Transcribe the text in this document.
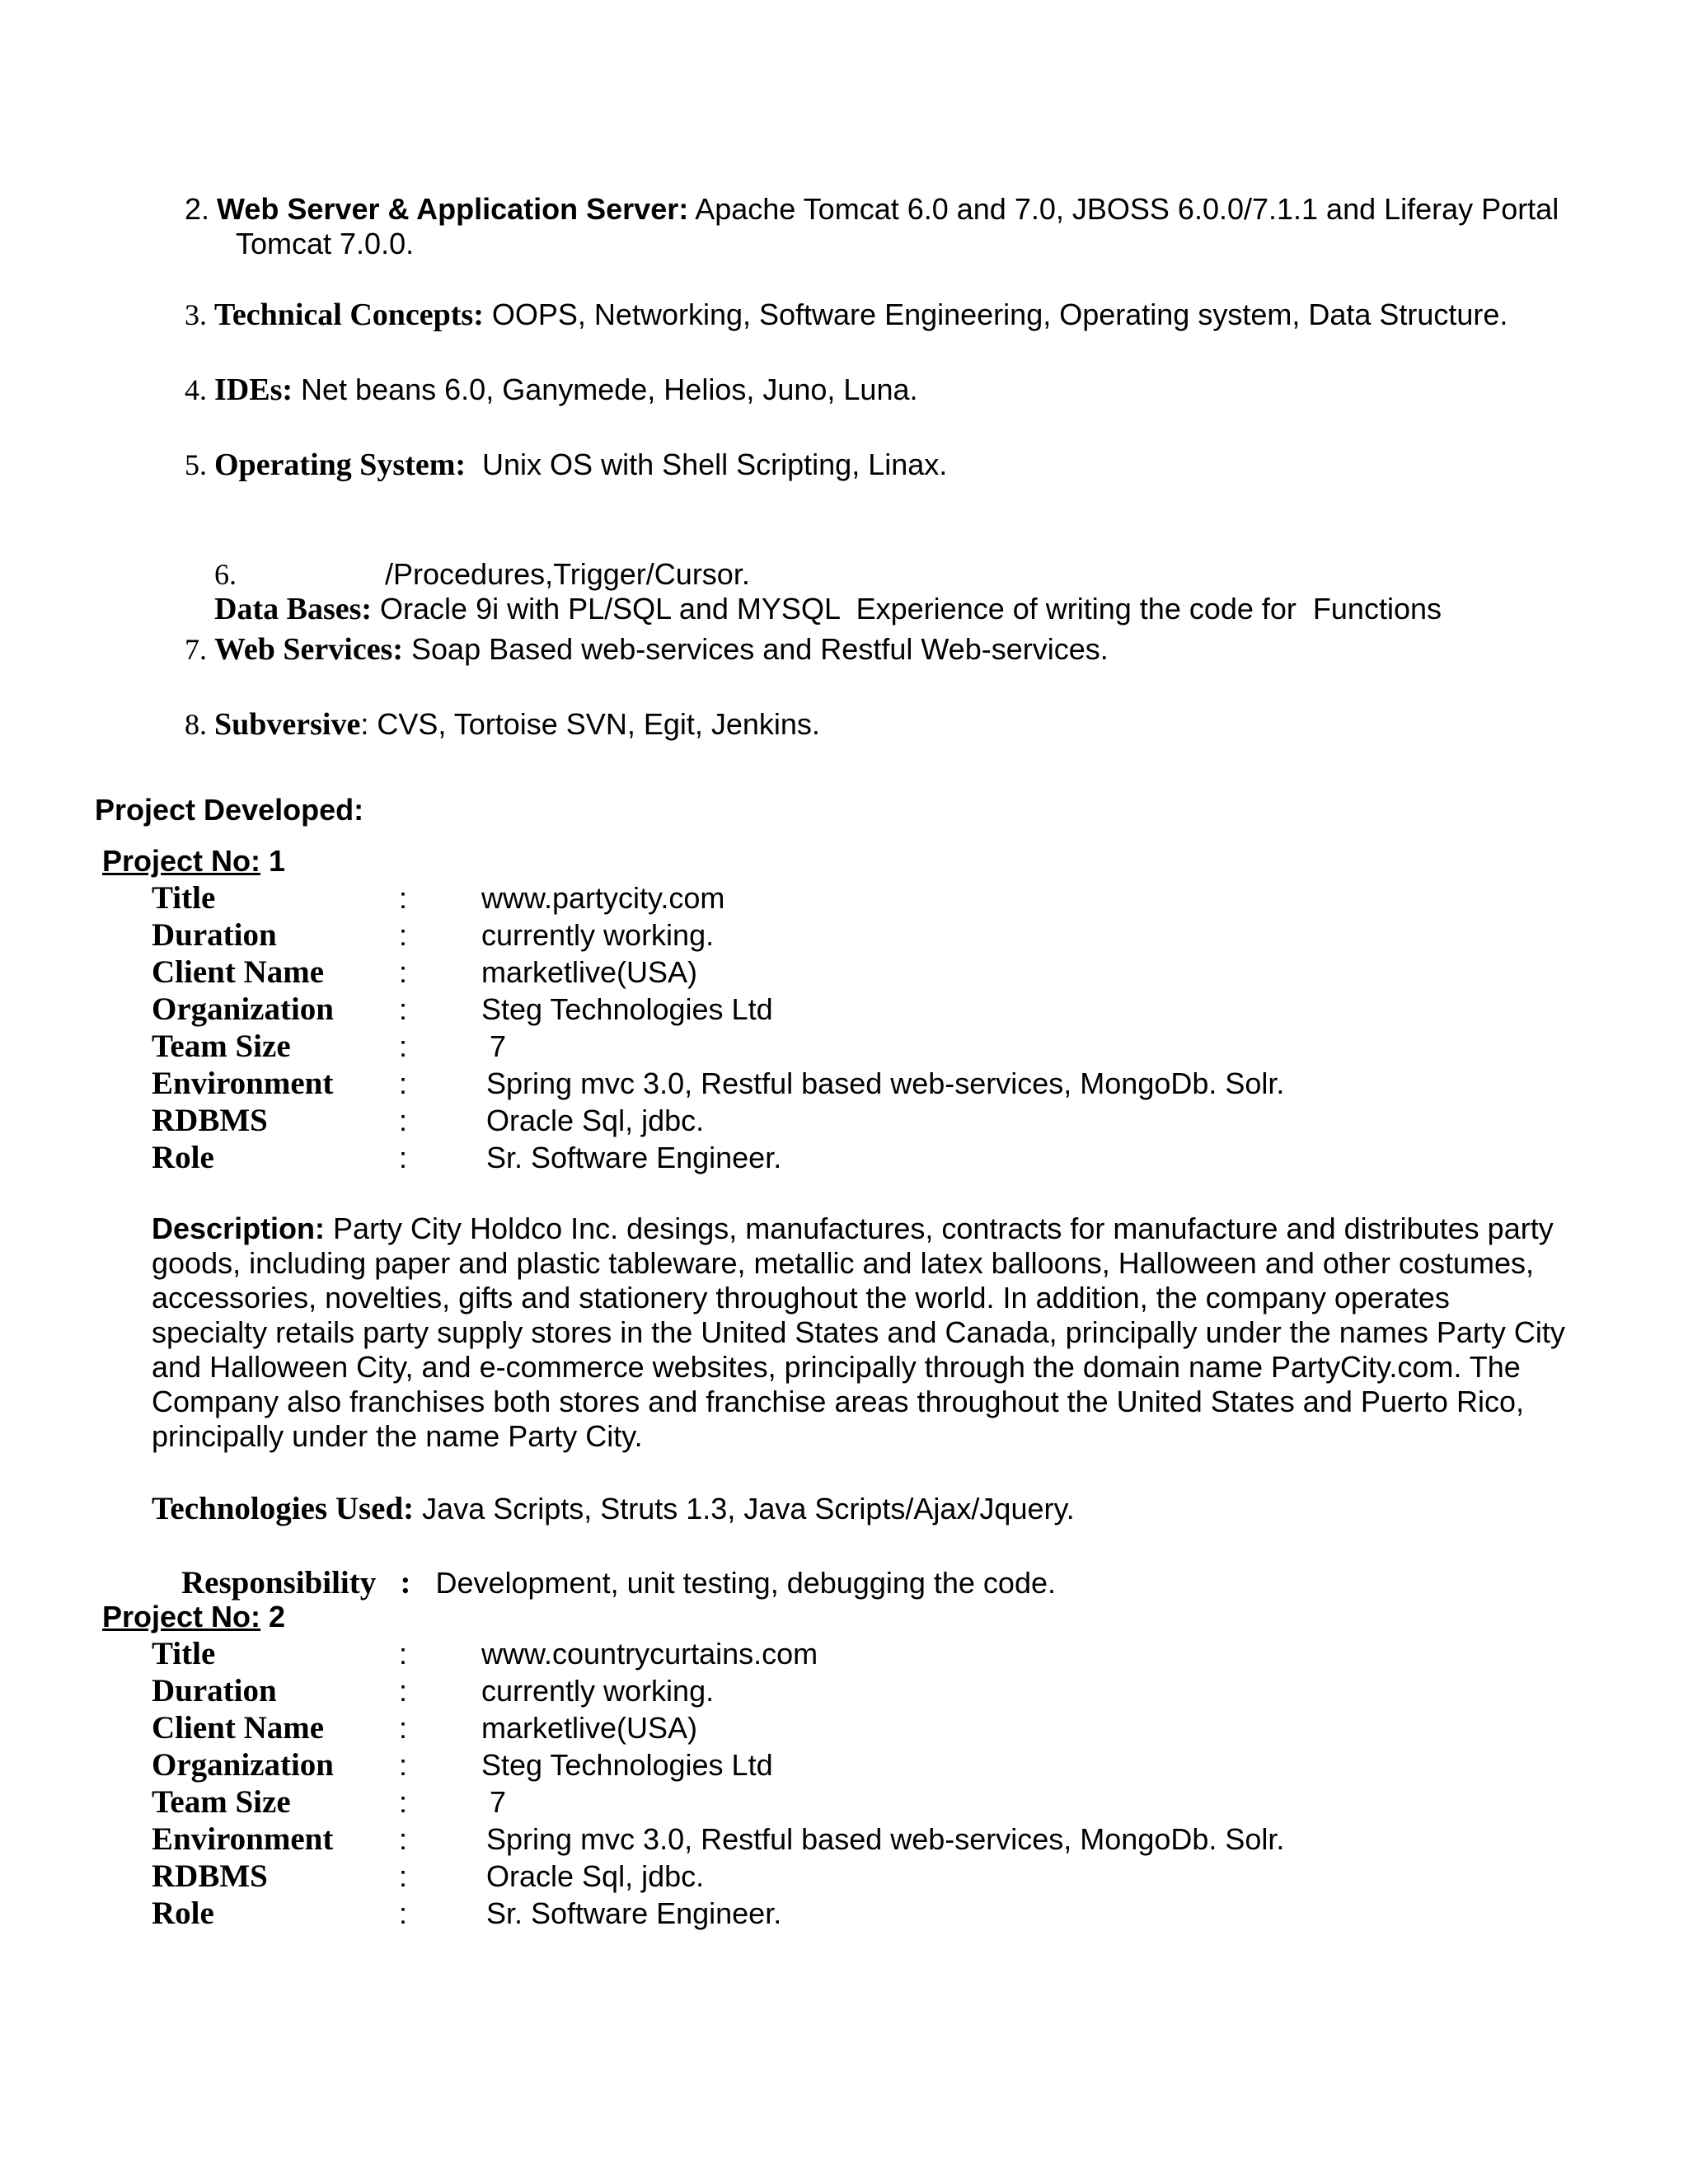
2. Web Server & Application Server: Apache Tomcat 6.0 and 7.0, JBOSS 6.0.0/7.1.1 and Liferay Portal
Tomcat 7.0.0.
3. Technical Concepts: OOPS, Networking, Software Engineering, Operating system, Data Structure.
4. IDEs: Net beans 6.0, Ganymede, Helios, Juno, Luna.
5. Operating System:  Unix OS with Shell Scripting, Linax.

6.
Data Bases: Oracle 9i with PL/SQL and MYSQL  Experience of writing the code for  Functions

/Procedures,Trigger/Cursor.
7. Web Services: Soap Based web-services and Restful Web-services.
8. Subversive: CVS, Tortoise SVN, Egit, Jenkins.
Project Developed:
Project No: 1
Title	: www.partycity.com
Duration	: currently working.
Client Name	: marketlive(USA)
Organization : Steg Technologies Ltd
Team Size	:	7
Environment :	Spring mvc 3.0, Restful based web-services, MongoDb. Solr.
RDBMS	:	Oracle Sql, jdbc.
Role	:	Sr. Software Engineer.
Description: Party City Holdco Inc. desings, manufactures, contracts for manufacture and distributes party
goods, including paper and plastic tableware, metallic and latex balloons, Halloween and other costumes,
accessories, novelties, gifts and stationery throughout the world. In addition, the company operates
specialty retails party supply stores in the United States and Canada, principally under the names Party City
and Halloween City, and e-commerce websites, principally through the domain name PartyCity.com. The
Company also franchises both stores and franchise areas throughout the United States and Puerto Rico,
principally under the name Party City.
Technologies Used: Java Scripts, Struts 1.3, Java Scripts/Ajax/Jquery.

Responsibility   :   Development, unit testing, debugging the code.

Project No: 2
Title	: www.countrycurtains.com
Duration	: currently working.
Client Name	: marketlive(USA)
Organization : Steg Technologies Ltd
Team Size	:	7
Environment :	Spring mvc 3.0, Restful based web-services, MongoDb. Solr.
RDBMS	:	Oracle Sql, jdbc.
Role	:	Sr. Software Engineer.
